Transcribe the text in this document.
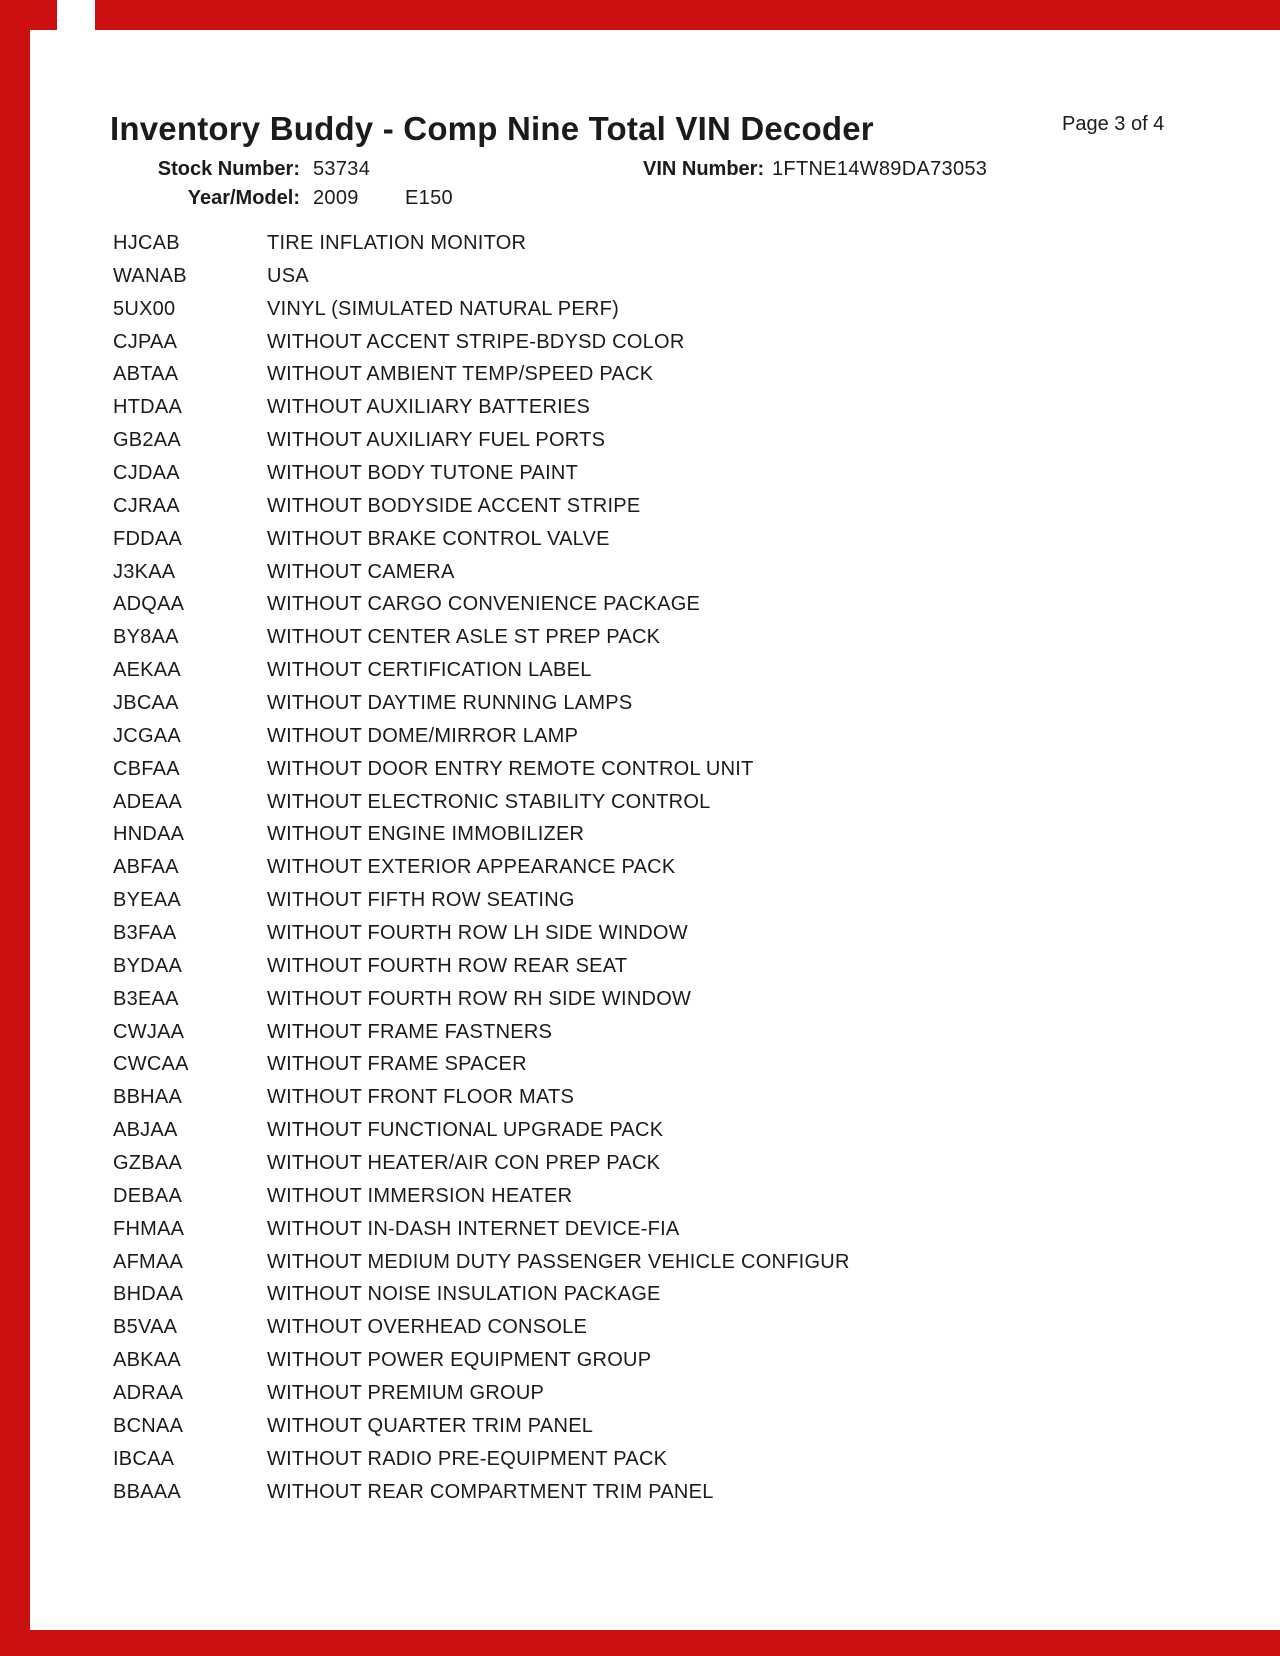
Inventory Buddy - Comp Nine Total VIN Decoder	Page 3 of 4
Stock Number: 53734	VIN Number: 1FTNE14W89DA73053
Year/Model: 2009 E150
HJCAB	TIRE INFLATION MONITOR
WANAB	USA
5UX00	VINYL (SIMULATED NATURAL PERF)
CJPAA	WITHOUT ACCENT STRIPE-BDYSD COLOR
ABTAA	WITHOUT AMBIENT TEMP/SPEED PACK
HTDAA	WITHOUT AUXILIARY BATTERIES
GB2AA	WITHOUT AUXILIARY FUEL PORTS
CJDAA	WITHOUT BODY TUTONE PAINT
CJRAA	WITHOUT BODYSIDE ACCENT STRIPE
FDDAA	WITHOUT BRAKE CONTROL VALVE
J3KAA	WITHOUT CAMERA
ADQAA	WITHOUT CARGO CONVENIENCE PACKAGE
BY8AA	WITHOUT CENTER ASLE ST PREP PACK
AEKAA	WITHOUT CERTIFICATION LABEL
JBCAA	WITHOUT DAYTIME RUNNING LAMPS
JCGAA	WITHOUT DOME/MIRROR LAMP
CBFAA	WITHOUT DOOR ENTRY REMOTE CONTROL UNIT
ADEAA	WITHOUT ELECTRONIC STABILITY CONTROL
HNDAA	WITHOUT ENGINE IMMOBILIZER
ABFAA	WITHOUT EXTERIOR APPEARANCE PACK
BYEAA	WITHOUT FIFTH ROW SEATING
B3FAA	WITHOUT FOURTH ROW LH SIDE WINDOW
BYDAA	WITHOUT FOURTH ROW REAR SEAT
B3EAA	WITHOUT FOURTH ROW RH SIDE WINDOW
CWJAA	WITHOUT FRAME FASTNERS
CWCAA	WITHOUT FRAME SPACER
BBHAA	WITHOUT FRONT FLOOR MATS
ABJAA	WITHOUT FUNCTIONAL UPGRADE PACK
GZBAA	WITHOUT HEATER/AIR CON PREP PACK
DEBAA	WITHOUT IMMERSION HEATER
FHMAA	WITHOUT IN-DASH INTERNET DEVICE-FIA
AFMAA	WITHOUT MEDIUM DUTY PASSENGER VEHICLE CONFIGUR
BHDAA	WITHOUT NOISE INSULATION PACKAGE
B5VAA	WITHOUT OVERHEAD CONSOLE
ABKAA	WITHOUT POWER EQUIPMENT GROUP
ADRAA	WITHOUT PREMIUM GROUP
BCNAA	WITHOUT QUARTER TRIM PANEL
IBCAA	WITHOUT RADIO PRE-EQUIPMENT PACK
BBAAA	WITHOUT REAR COMPARTMENT TRIM PANEL
